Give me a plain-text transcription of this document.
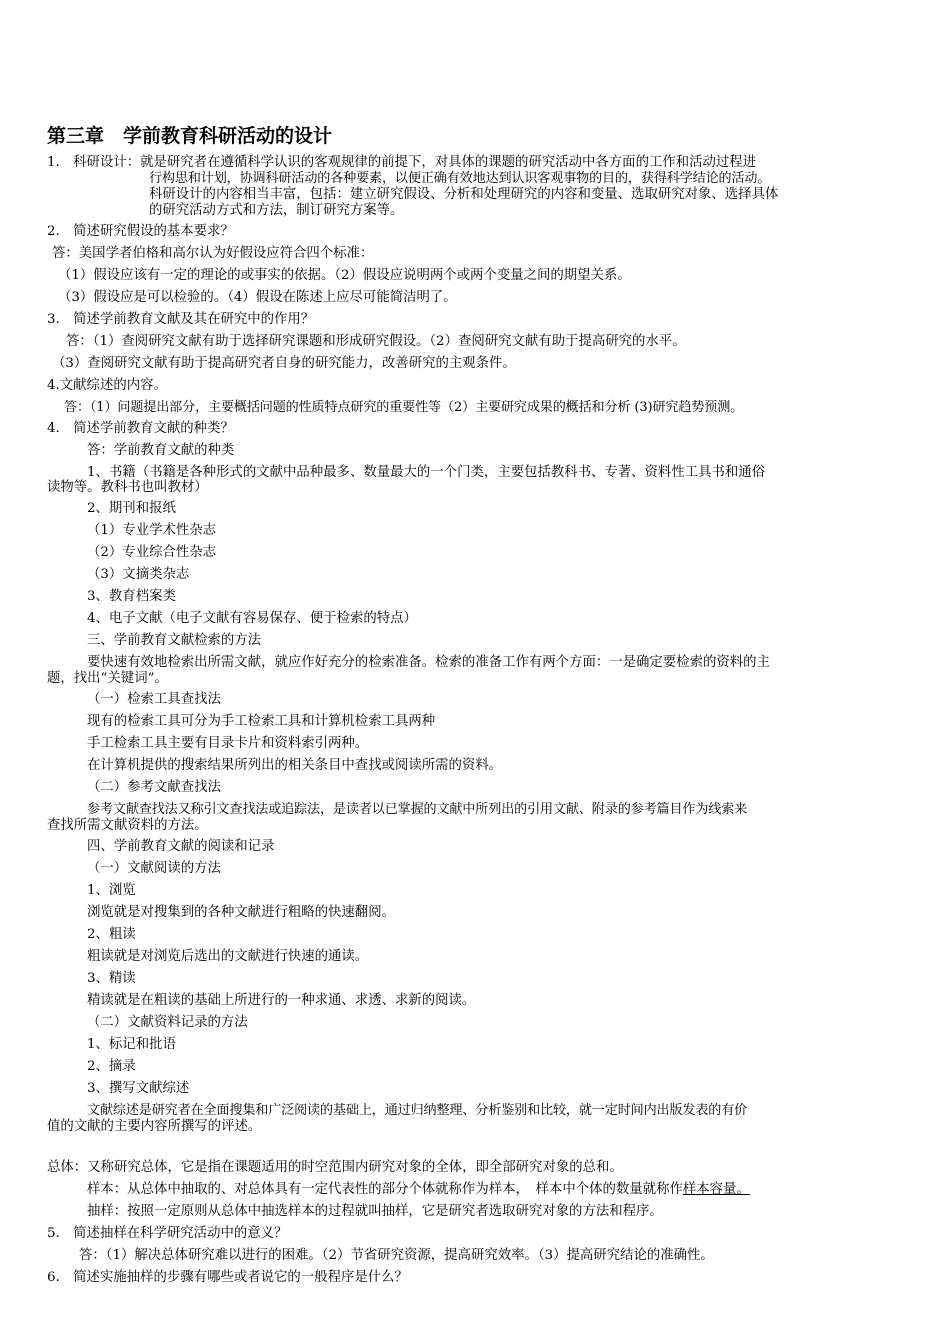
第三章　学前教育科研活动的设计
1.　科研设计：就是研究者在遵循科学认识的客观规律的前提下，对具体的课题的研究活动中各方面的工作和活动过程进
行构思和计划，协调科研活动的各种要素，以便正确有效地达到认识客观事物的目的，获得科学结论的活动。
科研设计的内容相当丰富，包括：建立研究假设、分析和处理研究的内容和变量、选取研究对象、选择具体
的研究活动方式和方法，制订研究方案等。
2.　简述研究假设的基本要求？
答：美国学者伯格和高尔认为好假设应符合四个标准：
（1）假设应该有一定的理论的或事实的依据。（2）假设应说明两个或两个变量之间的期望关系。
（3）假设应是可以检验的。（4）假设在陈述上应尽可能简洁明了。
3.　简述学前教育文献及其在研究中的作用？
答：（1）查阅研究文献有助于选择研究课题和形成研究假设。（2）查阅研究文献有助于提高研究的水平。
（3）查阅研究文献有助于提高研究者自身的研究能力，改善研究的主观条件。
4.文献综述的内容。
答：（1）问题提出部分，主要概括问题的性质特点研究的重要性等（2）主要研究成果的概括和分析 (3)研究趋势预测。
4.　简述学前教育文献的种类？
答：学前教育文献的种类
1、书籍（书籍是各种形式的文献中品种最多、数量最大的一个门类，主要包括教科书、专著、资料性工具书和通俗
读物等。教科书也叫教材）
2、期刊和报纸
（1）专业学术性杂志
（2）专业综合性杂志
（3）文摘类杂志
3、教育档案类
4、电子文献（电子文献有容易保存、便于检索的特点）
三、学前教育文献检索的方法
要快速有效地检索出所需文献，就应作好充分的检索准备。检索的准备工作有两个方面：一是确定要检索的资料的主
题，找出“关键词”。
（一）检索工具查找法
现有的检索工具可分为手工检索工具和计算机检索工具两种
手工检索工具主要有目录卡片和资料索引两种。
在计算机提供的搜索结果所列出的相关条目中查找或阅读所需的资料。
（二）参考文献查找法
参考文献查找法又称引文查找法或追踪法，是读者以已掌握的文献中所列出的引用文献、附录的参考篇目作为线索来
查找所需文献资料的方法。
四、学前教育文献的阅读和记录
（一）文献阅读的方法
1、浏览
浏览就是对搜集到的各种文献进行粗略的快速翻阅。
2、粗读
粗读就是对浏览后选出的文献进行快速的通读。
3、精读
精读就是在粗读的基础上所进行的一种求通、求透、求新的阅读。
（二）文献资料记录的方法
1、标记和批语
2、摘录
3、撰写文献综述
文献综述是研究者在全面搜集和广泛阅读的基础上，通过归纳整理、分析鉴别和比较，就一定时间内出版发表的有价
值的文献的主要内容所撰写的评述。
总体：又称研究总体，它是指在课题适用的时空范围内研究对象的全体，即全部研究对象的总和。
样本：从总体中抽取的、对总体具有一定代表性的部分个体就称作为样本，　样本中个体的数量就称作样本容量。
抽样：按照一定原则从总体中抽选样本的过程就叫抽样，它是研究者选取研究对象的方法和程序。
5.　简述抽样在科学研究活动中的意义？
答：（1）解决总体研究难以进行的困难。（2）节省研究资源，提高研究效率。（3）提高研究结论的准确性。
6.　简述实施抽样的步骤有哪些或者说它的一般程序是什么？
